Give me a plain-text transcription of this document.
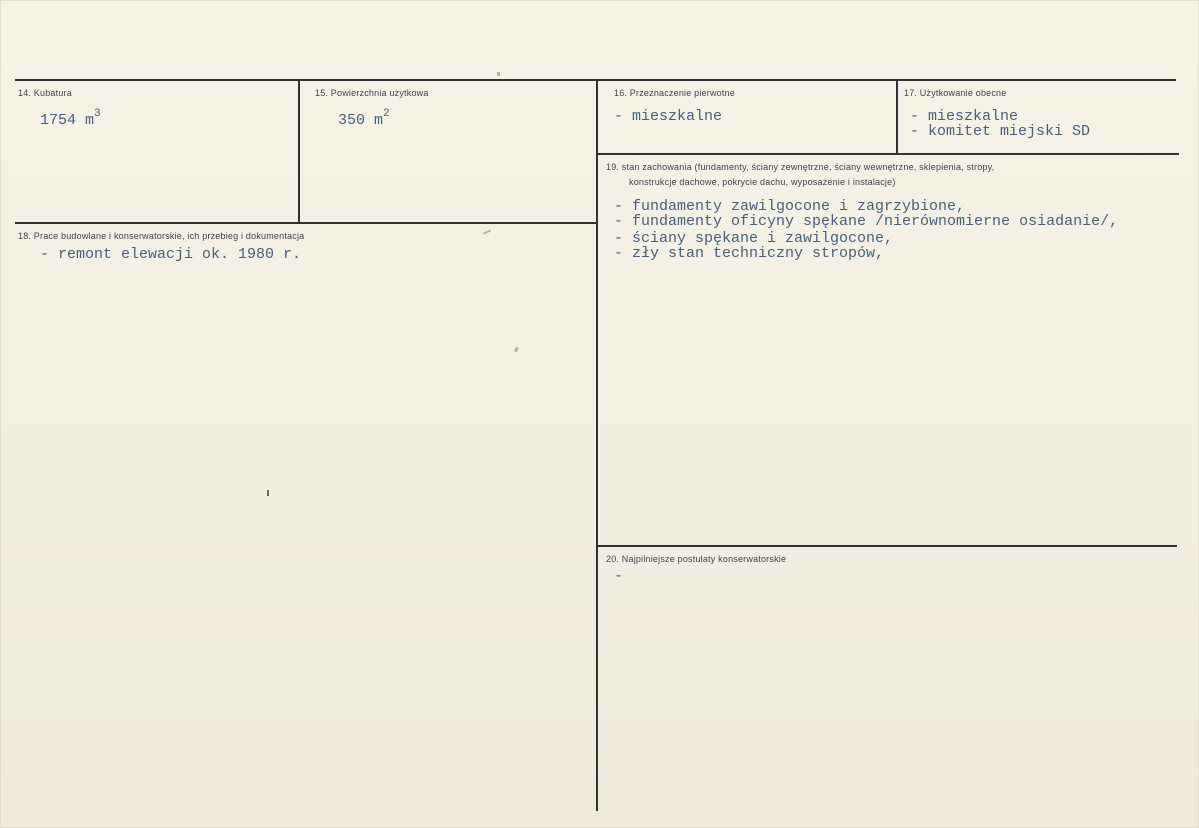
14. Kubatura
1754 $m^3$
15. Powierzchnia użytkowa
350 $m^2$
16. Przeznaczenie pierwotne
- mieszkalne
17. Użytkowanie obecne
- mieszkalne
- komitet miejski SD
19. stan zachowania (fundamenty, ściany zewnętrzne, ściany wewnętrzne, sklepienia, stropy,
konstrukcje dachowe, pokrycie dachu, wyposażenie i instalacje)
- fundamenty zawilgocone i zagrzybione,
- fundamenty oficyny spękane /nierównomierne osiadanie/,
- ściany spękane i zawilgocone,
- zły stan techniczny stropów,
18. Prace budowlane i konserwatorskie, ich przebieg i dokumentacja
- remont elewacji ok. 1980 r.
20. Najpilniejsze postulaty konserwatorskie
-
